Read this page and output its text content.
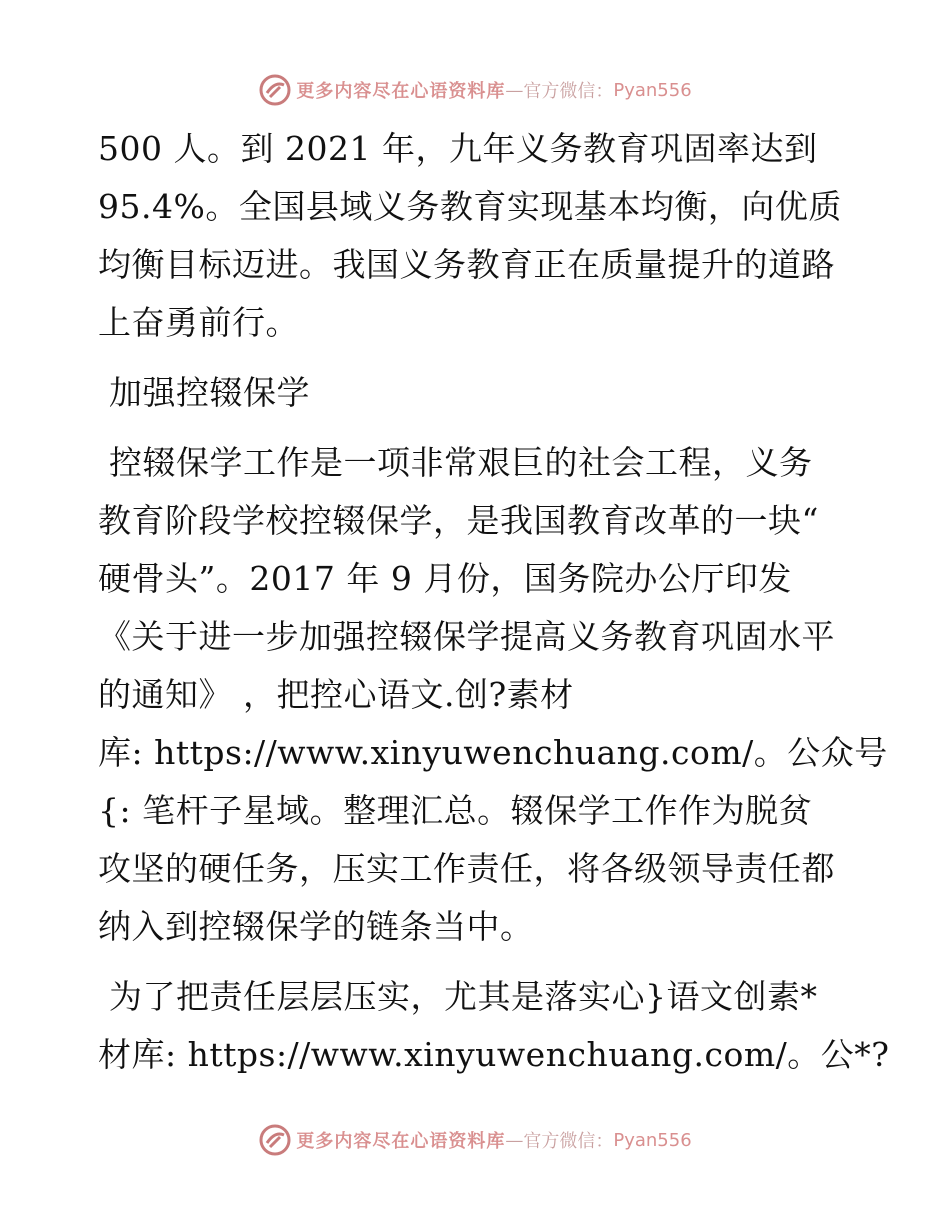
更多内容尽在心语资料库 — 官方微信： Pyan556
500 人。到 2021 年，九年义务教育巩固率达到
95.4%。全国县域义务教育实现基本均衡，向优质
均衡目标迈进。我国义务教育正在质量提升的道路
上奋勇前行。
加强控辍保学
控辍保学工作是一项非常艰巨的社会工程，义务
教育阶段学校控辍保学，是我国教育改革的一块“
硬骨头”。2017 年 9 月份，国务院办公厅印发
《关于进一步加强控辍保学提高义务教育巩固水平
的通知》 ，把控心语文.创?素材
库: https://www.xinyuwenchuang.com/。公众号
{: 笔杆子星域。整理汇总。辍保学工作作为脱贫
攻坚的硬任务，压实工作责任，将各级领导责任都
纳入到控辍保学的链条当中。
为了把责任层层压实，尤其是落实心}语文创素*
材库: https://www.xinyuwenchuang.com/。公*?
更多内容尽在心语资料库 — 官方微信： Pyan556
